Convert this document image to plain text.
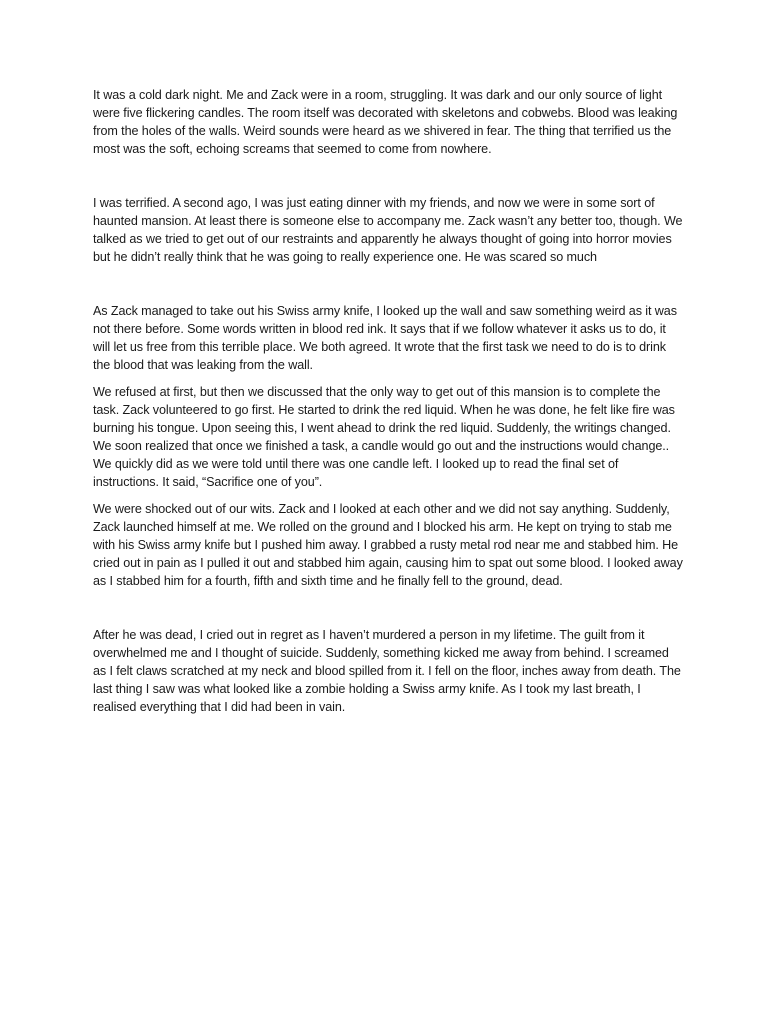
It was a cold dark night. Me and Zack were in a room, struggling. It was dark and our only source of light were five flickering candles. The room itself was decorated with skeletons and cobwebs. Blood was leaking from the holes of the walls. Weird sounds were heard as we shivered in fear. The thing that terrified us the most was the soft, echoing screams that seemed to come from nowhere.

I was terrified. A second ago, I was just eating dinner with my friends, and now we were in some sort of haunted mansion. At least there is someone else to accompany me. Zack wasn’t any better too, though. We talked as we tried to get out of our restraints and apparently he always thought of going into horror movies but he didn’t really think that he was going to really experience one. He was scared so much

As Zack managed to take out his Swiss army knife, I looked up the wall and saw something weird as it was not there before. Some words written in blood red ink. It says that if we follow whatever it asks us to do, it will let us free from this terrible place. We both agreed. It wrote that the first task we need to do is to drink the blood that was leaking from the wall.

We refused at first, but then we discussed that the only way to get out of this mansion is to complete the task. Zack volunteered to go first. He started to drink the red liquid. When he was done, he felt like fire was burning his tongue. Upon seeing this, I went ahead to drink the red liquid. Suddenly, the writings changed. We soon realized that once we finished a task, a candle would go out and the instructions would change.. We quickly did as we were told until there was one candle left. I looked up to read the final set of instructions. It said, “Sacrifice one of you”.

We were shocked out of our wits. Zack and I looked at each other and we did not say anything. Suddenly, Zack launched himself at me. We rolled on the ground and I blocked his arm. He kept on trying to stab me with his Swiss army knife but I pushed him away. I grabbed a rusty metal rod near me and stabbed him. He cried out in pain as I pulled it out and stabbed him again, causing him to spat out some blood. I looked away as I stabbed him for a fourth, fifth and sixth time and he finally fell to the ground, dead.

After he was dead, I cried out in regret as I haven’t murdered a person in my lifetime. The guilt from it overwhelmed me and I thought of suicide. Suddenly, something kicked me away from behind. I screamed as I felt claws scratched at my neck and blood spilled from it. I fell on the floor, inches away from death. The last thing I saw was what looked like a zombie holding a Swiss army knife. As I took my last breath, I realised everything that I did had been in vain.
